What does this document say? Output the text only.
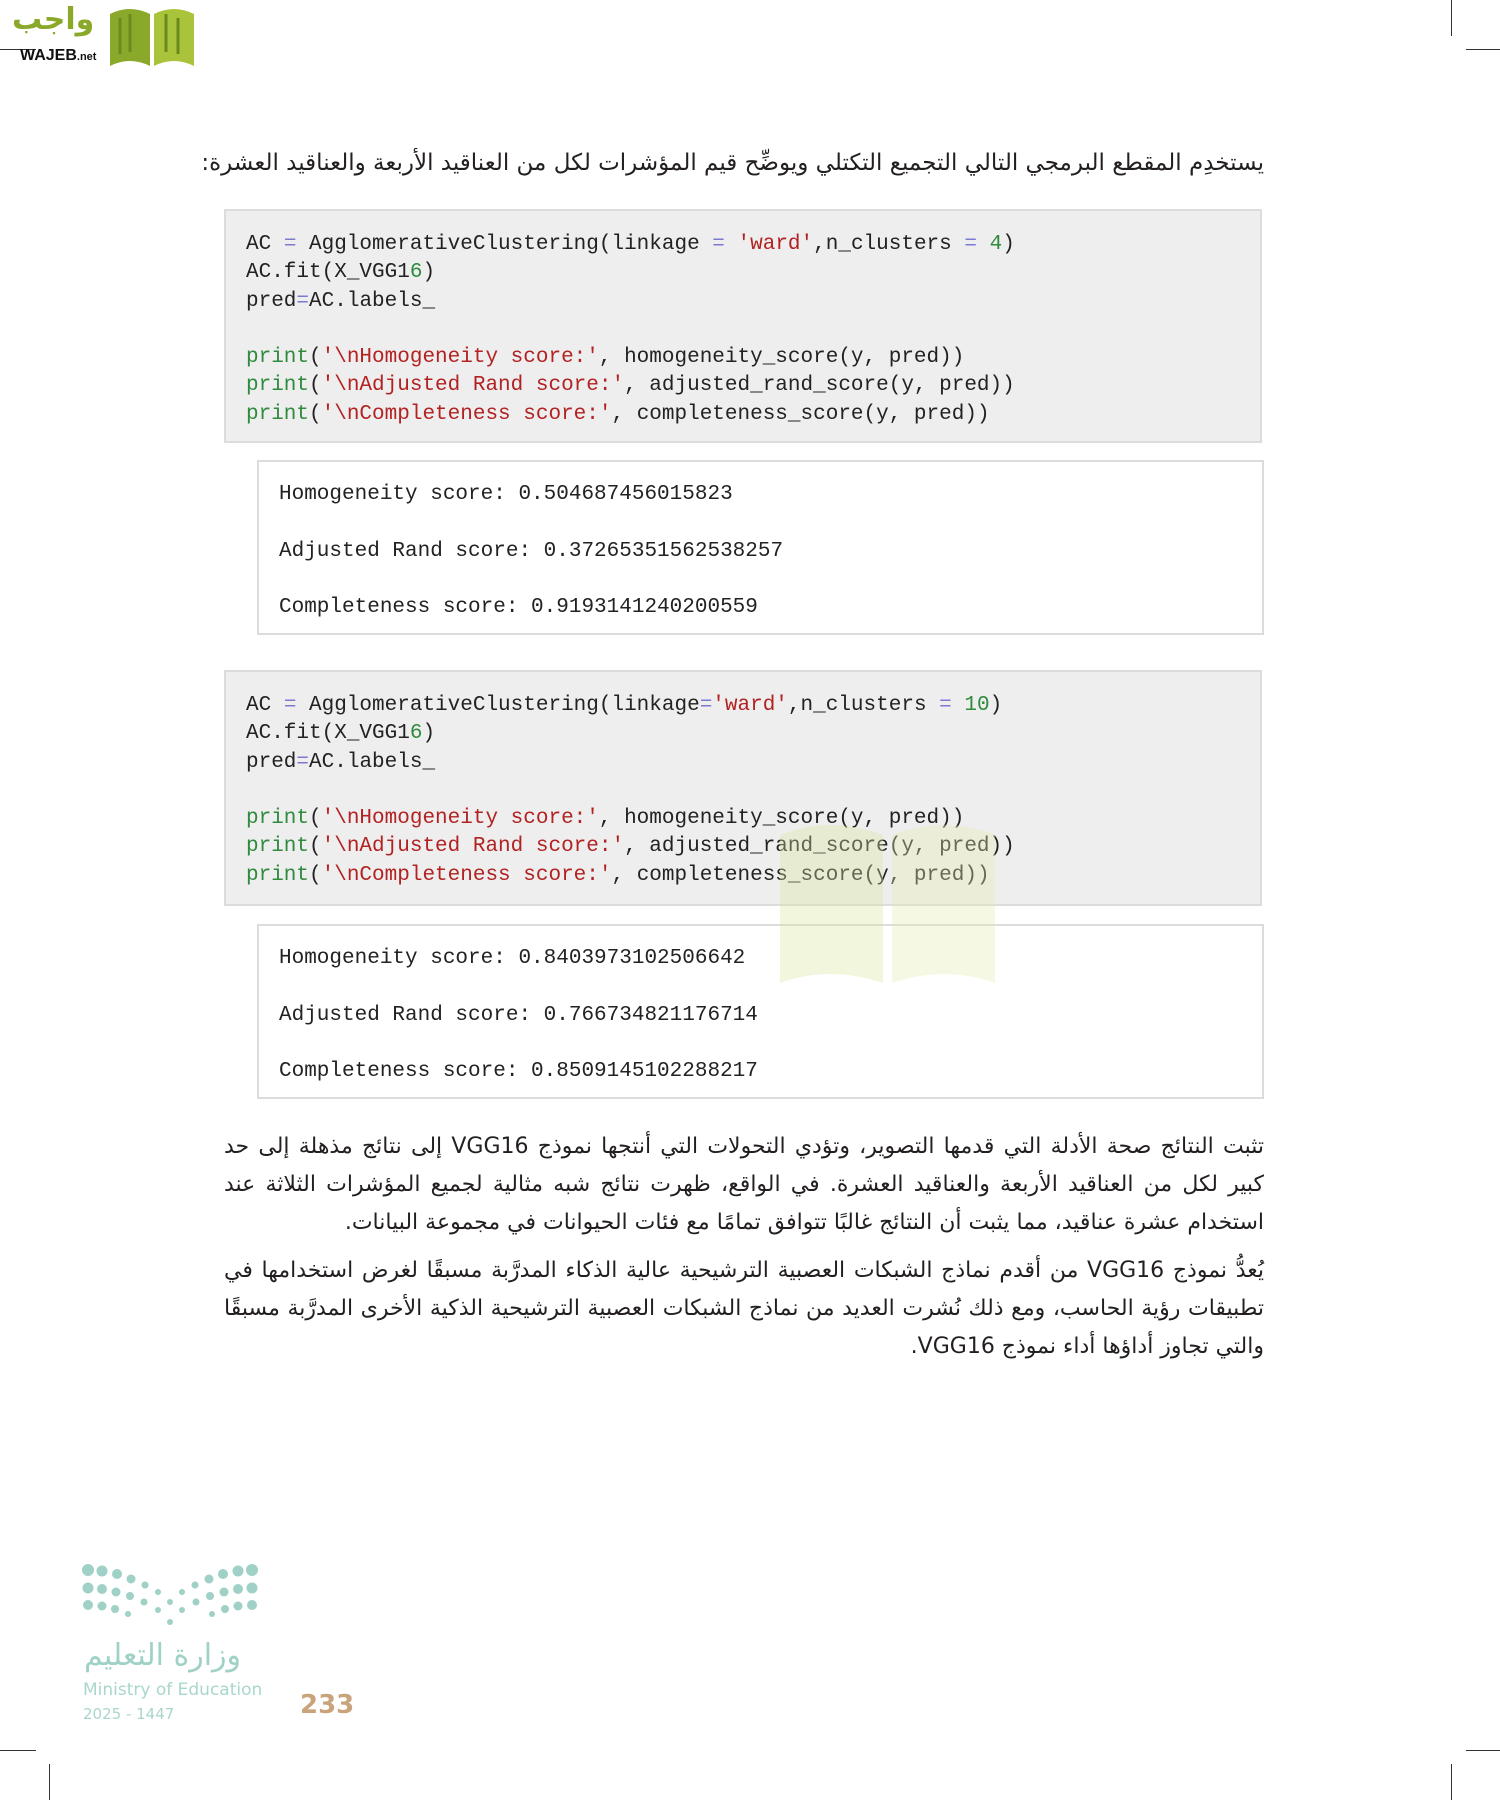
واجب
WAJEB.net
يستخدِم المقطع البرمجي التالي التجميع التكتلي ويوضِّح قيم المؤشرات لكل من العناقيد الأربعة والعناقيد العشرة:
AC = AgglomerativeClustering(linkage = 'ward',n_clusters = 4)
AC.fit(X_VGG16)
pred=AC.labels_

print('\nHomogeneity score:', homogeneity_score(y, pred))
print('\nAdjusted Rand score:', adjusted_rand_score(y, pred))
print('\nCompleteness score:', completeness_score(y, pred))
Homogeneity score: 0.504687456015823

Adjusted Rand score: 0.37265351562538257

Completeness score: 0.9193141240200559
AC = AgglomerativeClustering(linkage='ward',n_clusters = 10)
AC.fit(X_VGG16)
pred=AC.labels_

print('\nHomogeneity score:', homogeneity_score(y, pred))
print('\nAdjusted Rand score:', adjusted_rand_score(y, pred))
print('\nCompleteness score:', completeness_score(y, pred))
Homogeneity score: 0.8403973102506642

Adjusted Rand score: 0.766734821176714

Completeness score: 0.8509145102288217
تثبت النتائج صحة الأدلة التي قدمها التصوير، وتؤدي التحولات التي أنتجها نموذج VGG16 إلى نتائج مذهلة إلى حد كبير لكل من العناقيد الأربعة والعناقيد العشرة. في الواقع، ظهرت نتائج شبه مثالية لجميع المؤشرات الثلاثة عند استخدام عشرة عناقيد، مما يثبت أن النتائج غالبًا تتوافق تمامًا مع فئات الحيوانات في مجموعة البيانات.
يُعدُّ نموذج VGG16 من أقدم نماذج الشبكات العصبية الترشيحية عالية الذكاء المدرَّبة مسبقًا لغرض استخدامها في تطبيقات رؤية الحاسب، ومع ذلك نُشرت العديد من نماذج الشبكات العصبية الترشيحية الذكية الأخرى المدرَّبة مسبقًا والتي تجاوز أداؤها أداء نموذج VGG16.
وزارة التعليم
Ministry of Education
2025 - 1447	233
